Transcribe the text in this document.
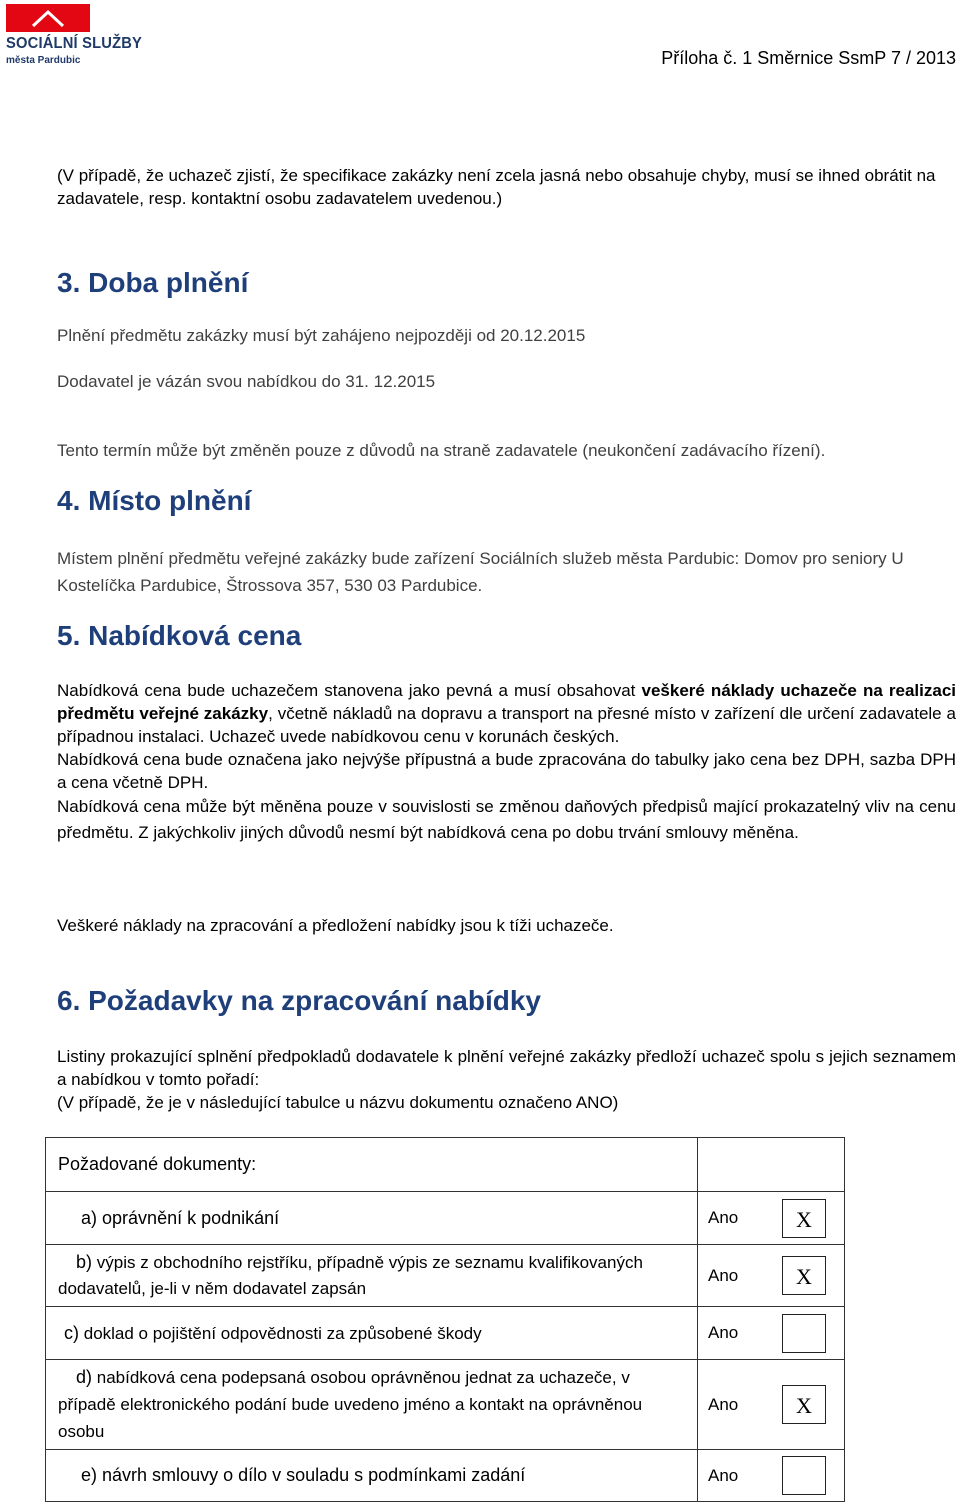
SOCIÁLNÍ SLUŽBY
města Pardubic	Příloha č. 1 Směrnice SsmP 7 / 2013

(V případě, že uchazeč zjistí, že specifikace zakázky není zcela jasná nebo obsahuje chyby, musí se ihned obrátit na zadavatele, resp. kontaktní osobu zadavatelem uvedenou.)

3. Doba plnění

Plnění předmětu zakázky musí být zahájeno nejpozději od 20.12.2015

Dodavatel je vázán svou nabídkou do 31. 12.2015

Tento termín může být změněn pouze z důvodů na straně zadavatele (neukončení zadávacího řízení).

4. Místo plnění

Místem plnění předmětu veřejné zakázky bude zařízení Sociálních služeb města Pardubic: Domov pro seniory U Kostelíčka Pardubice, Štrossova 357, 530 03 Pardubice.

5. Nabídková cena

Nabídková cena bude uchazečem stanovena jako pevná a musí obsahovat veškeré náklady uchazeče na realizaci předmětu veřejné zakázky, včetně nákladů na dopravu a transport na přesné místo v zařízení dle určení zadavatele a případnou instalaci. Uchazeč uvede nabídkovou cenu v korunách českých.

Nabídková cena bude označena jako nejvýše přípustná a bude zpracována do tabulky jako cena bez DPH, sazba DPH a cena včetně DPH.

Nabídková cena může být měněna pouze v souvislosti se změnou daňových předpisů mající prokazatelný vliv na cenu předmětu. Z jakýchkoliv jiných důvodů nesmí být nabídková cena po dobu trvání smlouvy měněna.

Veškeré náklady na zpracování a předložení nabídky jsou k tíži uchazeče.

6. Požadavky na zpracování nabídky

Listiny prokazující splnění předpokladů dodavatele k plnění veřejné zakázky předloží uchazeč spolu s jejich seznamem a nabídkou v tomto pořadí:

(V případě, že je v následující tabulce u názvu dokumentu označeno ANO)

Požadované dokumenty:		
a) oprávnění k podnikání	Ano	X

b) výpis z obchodního rejstříku, případně výpis ze seznamu kvalifikovaných dodavatelů, je-li v něm dodavatel zapsán	Ano	X

c) doklad o pojištění odpovědnosti za způsobené škody	Ano	

d) nabídková cena podepsaná osobou oprávněnou jednat za uchazeče, v případě elektronického podání bude uvedeno jméno a kontakt na oprávněnou osobu	Ano	X

e) návrh smlouvy o dílo v souladu s podmínkami zadání	Ano	
